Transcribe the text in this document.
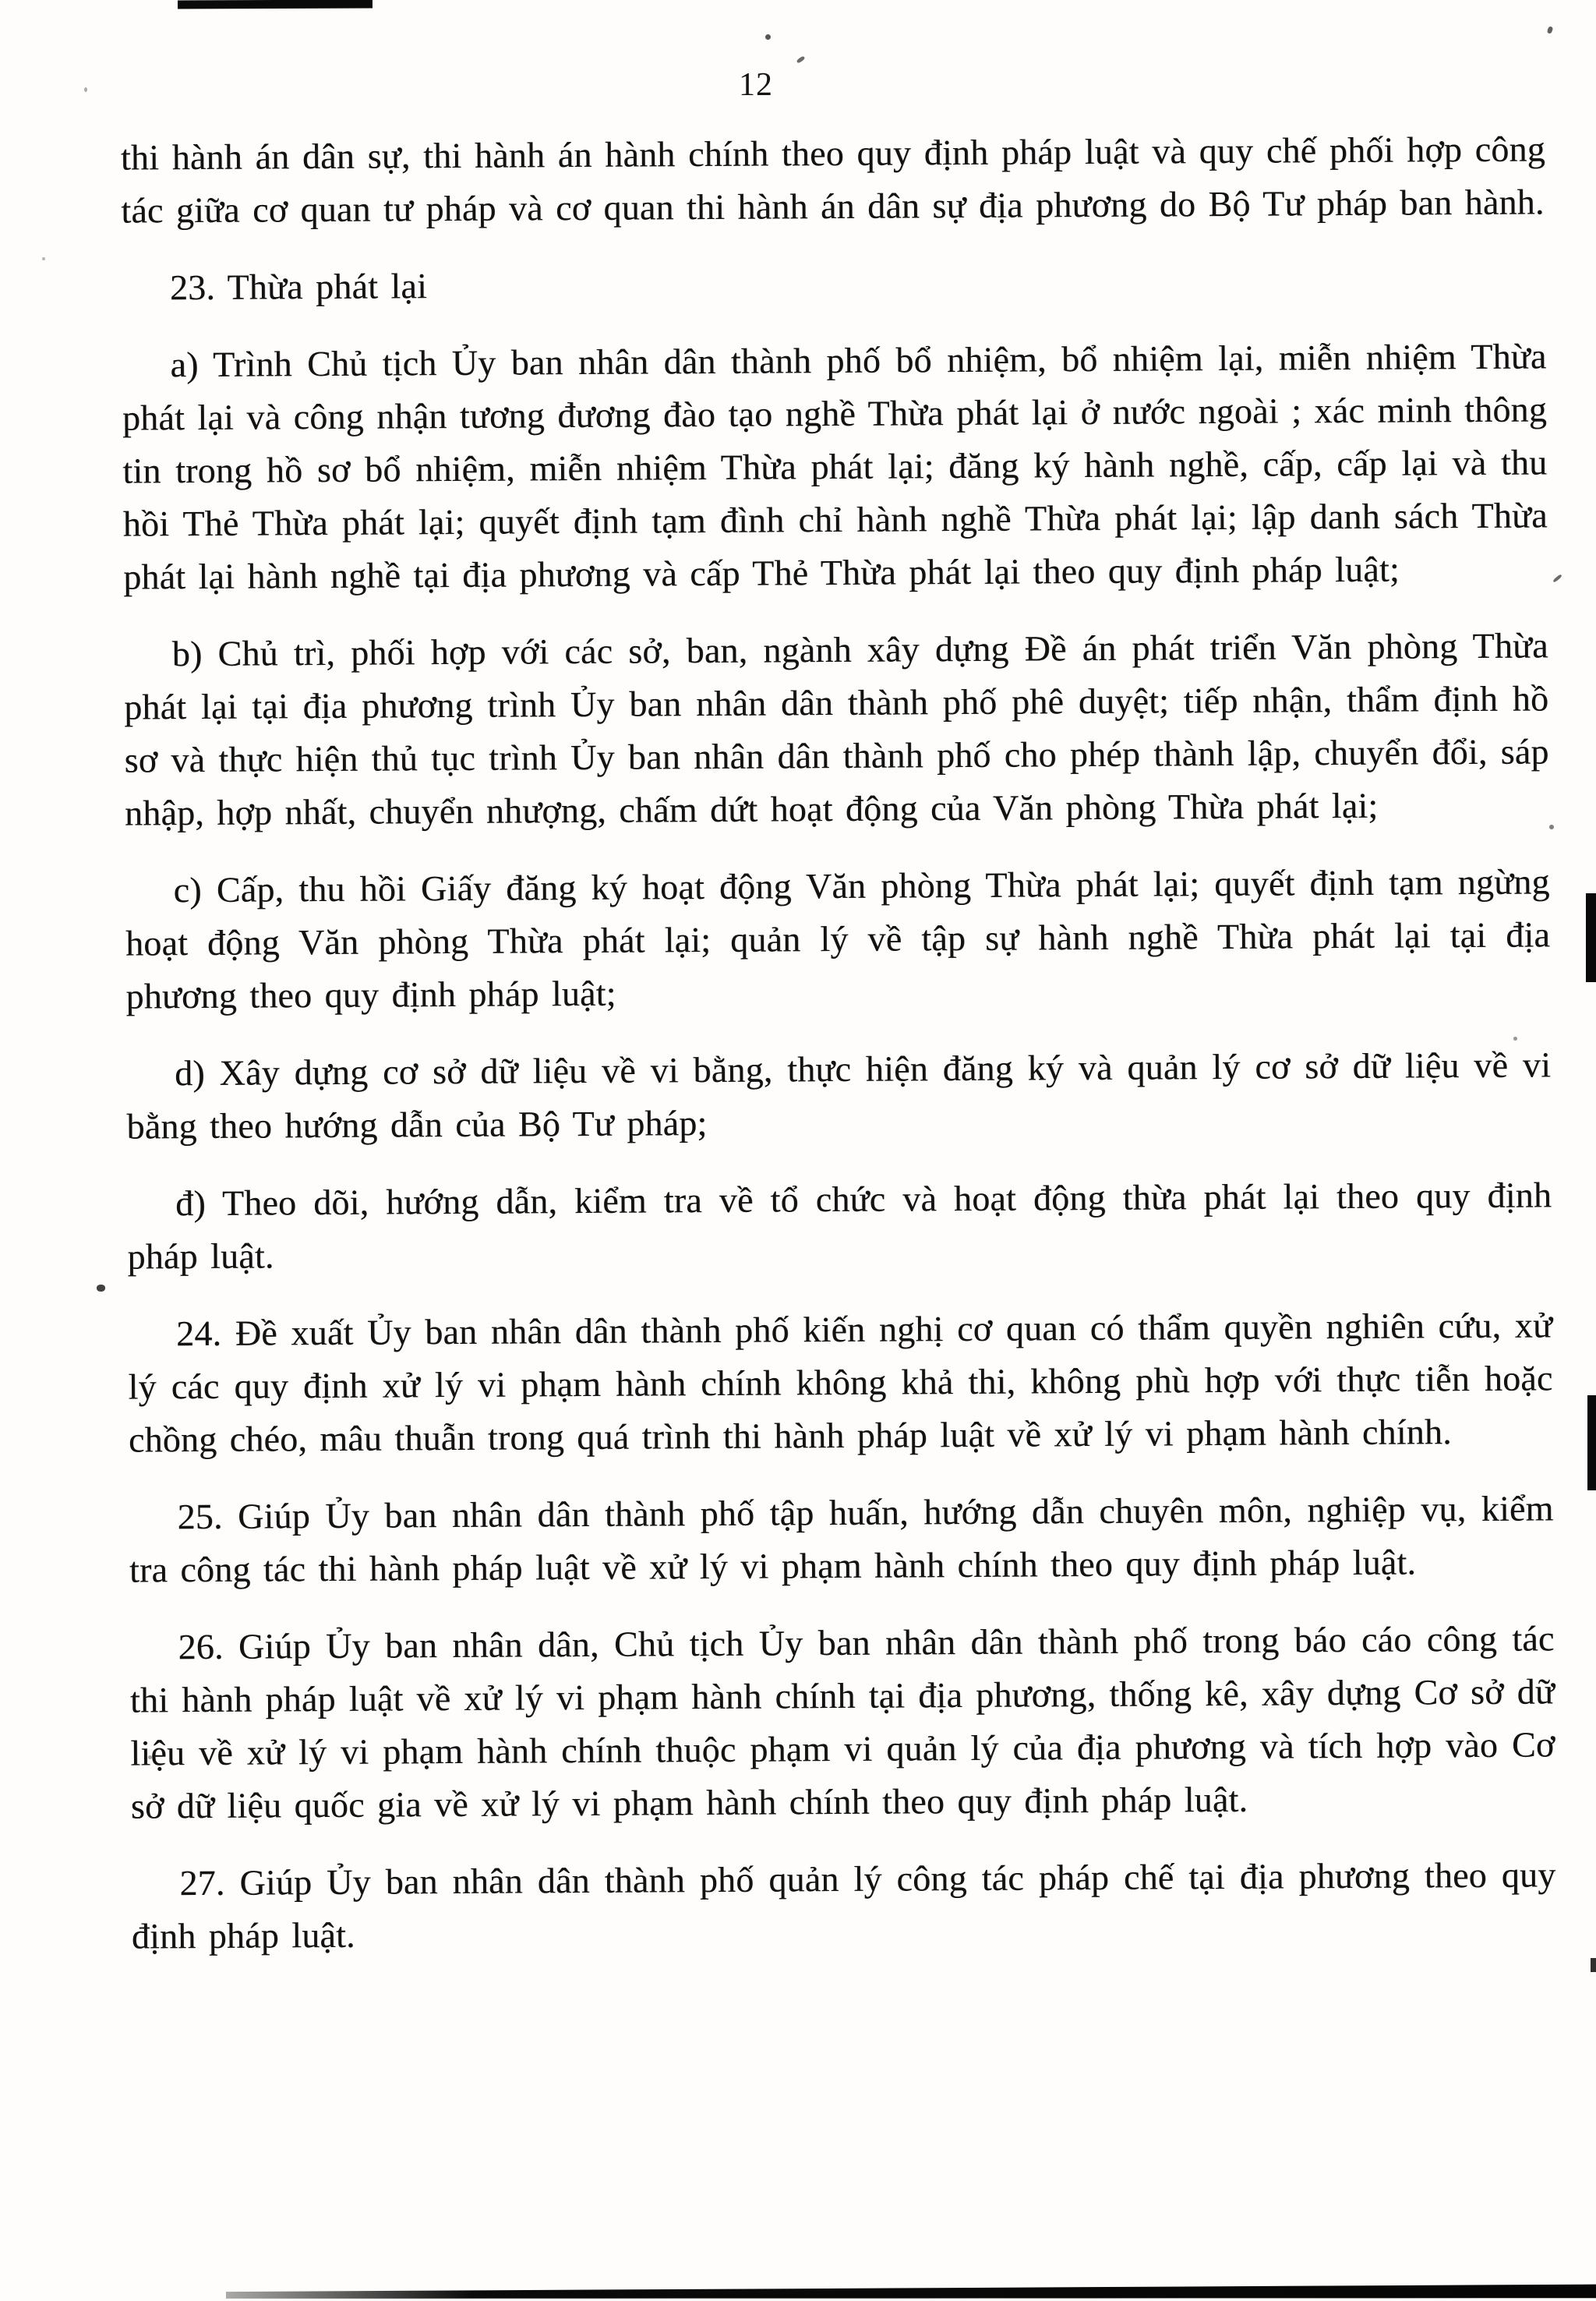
12

thi hành án dân sự, thi hành án hành chính theo quy định pháp luật và quy chế phối hợp công tác giữa cơ quan tư pháp và cơ quan thi hành án dân sự địa phương do Bộ Tư pháp ban hành.

23. Thừa phát lại

a) Trình Chủ tịch Ủy ban nhân dân thành phố bổ nhiệm, bổ nhiệm lại, miễn nhiệm Thừa phát lại và công nhận tương đương đào tạo nghề Thừa phát lại ở nước ngoài ; xác minh thông tin trong hồ sơ bổ nhiệm, miễn nhiệm Thừa phát lại; đăng ký hành nghề, cấp, cấp lại và thu hồi Thẻ Thừa phát lại; quyết định tạm đình chỉ hành nghề Thừa phát lại; lập danh sách Thừa phát lại hành nghề tại địa phương và cấp Thẻ Thừa phát lại theo quy định pháp luật;

b) Chủ trì, phối hợp với các sở, ban, ngành xây dựng Đề án phát triển Văn phòng Thừa phát lại tại địa phương trình Ủy ban nhân dân thành phố phê duyệt; tiếp nhận, thẩm định hồ sơ và thực hiện thủ tục trình Ủy ban nhân dân thành phố cho phép thành lập, chuyển đổi, sáp nhập, hợp nhất, chuyển nhượng, chấm dứt hoạt động của Văn phòng Thừa phát lại;

c) Cấp, thu hồi Giấy đăng ký hoạt động Văn phòng Thừa phát lại; quyết định tạm ngừng hoạt động Văn phòng Thừa phát lại; quản lý về tập sự hành nghề Thừa phát lại tại địa phương theo quy định pháp luật;

d) Xây dựng cơ sở dữ liệu về vi bằng, thực hiện đăng ký và quản lý cơ sở dữ liệu về vi bằng theo hướng dẫn của Bộ Tư pháp;

đ) Theo dõi, hướng dẫn, kiểm tra về tổ chức và hoạt động thừa phát lại theo quy định pháp luật.

24. Đề xuất Ủy ban nhân dân thành phố kiến nghị cơ quan có thẩm quyền nghiên cứu, xử lý các quy định xử lý vi phạm hành chính không khả thi, không phù hợp với thực tiễn hoặc chồng chéo, mâu thuẫn trong quá trình thi hành pháp luật về xử lý vi phạm hành chính.

25. Giúp Ủy ban nhân dân thành phố tập huấn, hướng dẫn chuyên môn, nghiệp vụ, kiểm tra công tác thi hành pháp luật về xử lý vi phạm hành chính theo quy định pháp luật.

26. Giúp Ủy ban nhân dân, Chủ tịch Ủy ban nhân dân thành phố trong báo cáo công tác thi hành pháp luật về xử lý vi phạm hành chính tại địa phương, thống kê, xây dựng Cơ sở dữ liệu về xử lý vi phạm hành chính thuộc phạm vi quản lý của địa phương và tích hợp vào Cơ sở dữ liệu quốc gia về xử lý vi phạm hành chính theo quy định pháp luật.

27. Giúp Ủy ban nhân dân thành phố quản lý công tác pháp chế tại địa phương theo quy định pháp luật.
